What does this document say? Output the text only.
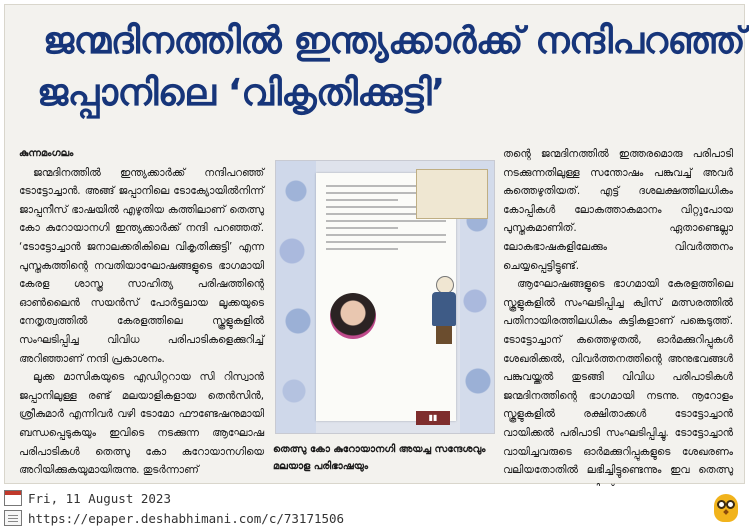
ജന്മദിനത്തിൽ ഇന്ത്യക്കാർക്ക് നന്ദിപറഞ്ഞ്
ജപ്പാനിലെ ‘വികൃതിക്കുട്ടി’

കുന്നമംഗലം

ജന്മദിനത്തിൽ ഇന്ത്യക്കാർക്ക് നന്ദിപറഞ്ഞ് ടോട്ടോച്ചാൻ. അങ്ങ് ജപ്പാനിലെ ടോക്യോയിൽനിന്ന് ജാപ്പനീസ് ഭാഷയിൽ എഴുതിയ കത്തിലാണ് തെത്സു കോ കുറോയാനഗി ഇന്ത്യക്കാർക്ക് നന്ദി പറഞ്ഞത്. ‘ടോട്ടോച്ചാൻ ജനാലക്കരികിലെ വികൃതിക്കുട്ടി’ എന്ന പുസ്തകത്തിന്റെ നവതിയാഘോഷങ്ങളുടെ ഭാഗമായി കേരള ശാസ്ത്ര സാഹിത്യ പരിഷത്തിന്റെ ഓൺലൈൻ സയൻസ് പോർട്ടലായ ലൂക്കയുടെ നേതൃത്വത്തിൽ കേരളത്തിലെ സ്കൂളുകളിൽ സംഘടിപ്പിച്ച വിവിധ പരിപാടികളെക്കുറിച്ച് അറിഞ്ഞാണ് നന്ദി പ്രകാശനം.

ലൂക്ക മാസികയുടെ എഡിറ്ററായ സി റിസ്വാൻ ജപ്പാനിലുള്ള രണ്ട് മലയാളികളായ തെൻസിൻ, ശ്രീകുമാർ എന്നിവർ വഴി ടോമോ ഫൗണ്ടേഷനുമായി ബന്ധപ്പെടുകയും ഇവിടെ നടക്കുന്ന ആഘോഷ പരിപാടികൾ തെത്സു കോ കുറോയാനഗിയെ അറിയിക്കുകയുമായിരുന്നു. തുടർന്നാണ്

▮▮
തെത്സു കോ കുറോയാനഗി അയച്ച സന്ദേശവും മലയാള പരിഭാഷയും

തന്റെ ജന്മദിനത്തിൽ ഇത്തരമൊരു പരിപാടി നടക്കുന്നതിലുള്ള സന്തോഷം പങ്കുവച്ച് അവർ കത്തെഴുതിയത്. എട്ട് ദശലക്ഷത്തിലധികം കോപ്പികൾ ലോകത്താകമാനം വിറ്റുപോയ പുസ്തകമാണിത്. ഏതാണ്ടെല്ലാ ലോകഭാഷകളിലേക്കും വിവർത്തനം ചെയ്യപ്പെട്ടിട്ടുണ്ട്.

ആഘോഷങ്ങളുടെ ഭാഗമായി കേരളത്തിലെ സ്കൂളുകളിൽ സംഘടിപ്പിച്ച ക്വിസ് മത്സരത്തിൽ പതിനായിരത്തിലധികം കുട്ടികളാണ് പങ്കെടുത്ത്. ടോട്ടോച്ചാന് കത്തെഴുതൽ, ഓർമക്കുറിപ്പുകൾ ശേഖരിക്കൽ, വിവർത്തനത്തിന്റെ അനുഭവങ്ങൾ പങ്കുവയ്ക്കൽ തുടങ്ങി വിവിധ പരിപാടികൾ ജന്മദിനത്തിന്റെ ഭാഗമായി നടന്നു. നൂറോളം സ്കൂളുകളിൽ രക്ഷിതാക്കൾ ടോട്ടോച്ചാൻ വായിക്കൽ പരിപാടി സംഘടിപ്പിച്ചു. ടോട്ടോച്ചാൻ വായിച്ചവരുടെ ഓർമക്കുറിപ്പുകളുടെ ശേഖരണം വലിയതോതിൽ ലഭിച്ചിട്ടുണ്ടെന്നും ഇവ തെത്സു

Fri, 11 August 2023
https://epaper.deshabhimani.com/c/73171506
